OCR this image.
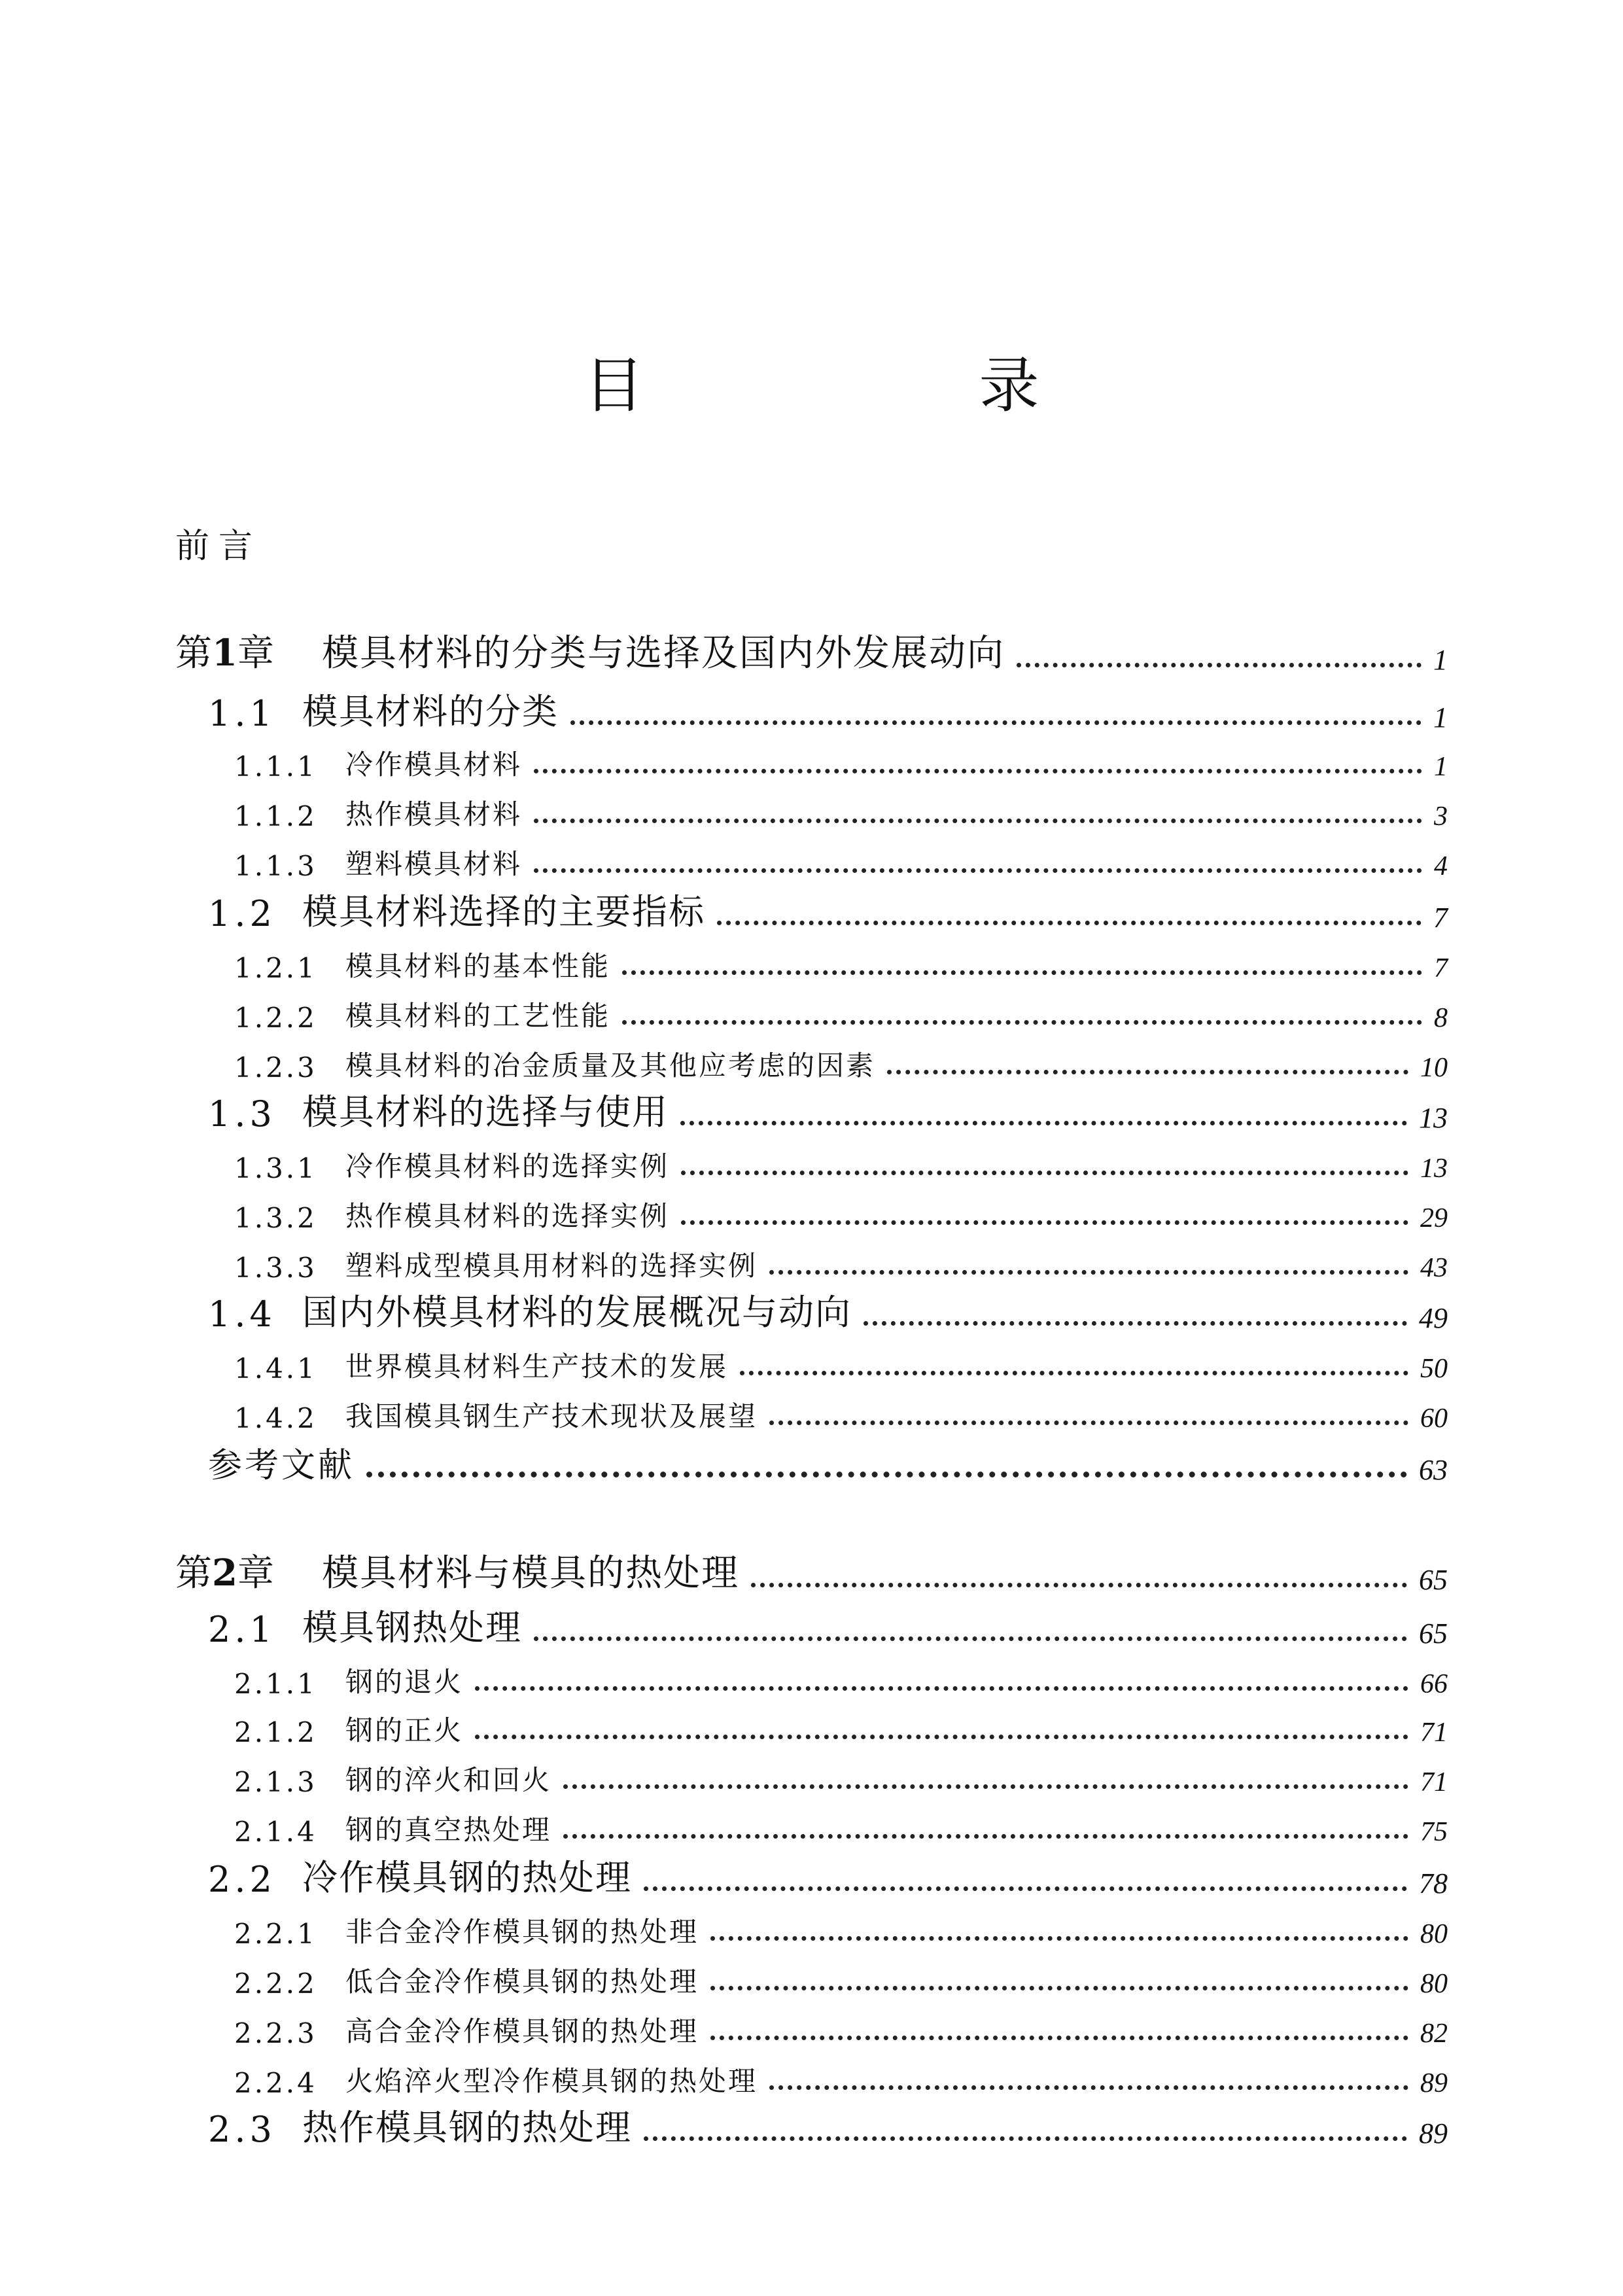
目　录
前言
第1章 模具材料的分类与选择及国内外发展动向	1
1.1 模具材料的分类	1
1.1.1 冷作模具材料	1
1.1.2 热作模具材料	3
1.1.3 塑料模具材料	4
1.2 模具材料选择的主要指标	7
1.2.1 模具材料的基本性能	7
1.2.2 模具材料的工艺性能	8
1.2.3 模具材料的冶金质量及其他应考虑的因素	10
1.3 模具材料的选择与使用	13
1.3.1 冷作模具材料的选择实例	13
1.3.2 热作模具材料的选择实例	29
1.3.3 塑料成型模具用材料的选择实例	43
1.4 国内外模具材料的发展概况与动向	49
1.4.1 世界模具材料生产技术的发展	50
1.4.2 我国模具钢生产技术现状及展望	60
参考文献	63
第2章 模具材料与模具的热处理	65
2.1 模具钢热处理	65
2.1.1 钢的退火	66
2.1.2 钢的正火	71
2.1.3 钢的淬火和回火	71
2.1.4 钢的真空热处理	75
2.2 冷作模具钢的热处理	78
2.2.1 非合金冷作模具钢的热处理	80
2.2.2 低合金冷作模具钢的热处理	80
2.2.3 高合金冷作模具钢的热处理	82
2.2.4 火焰淬火型冷作模具钢的热处理	89
2.3 热作模具钢的热处理	89
